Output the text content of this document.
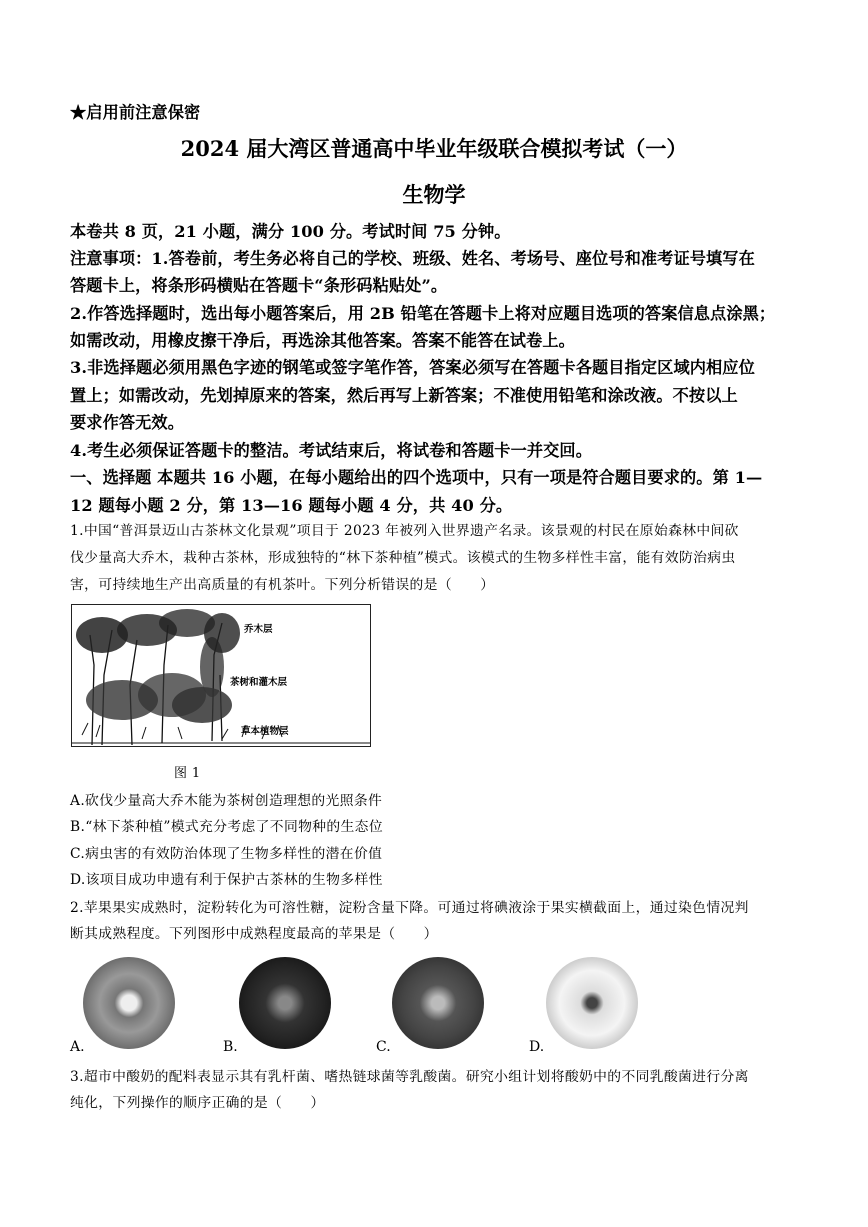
★启用前注意保密
2024 届大湾区普通高中毕业年级联合模拟考试（一）
生物学
本卷共 8 页，21 小题，满分 100 分。考试时间 75 分钟。
注意事项：1.答卷前，考生务必将自己的学校、班级、姓名、考场号、座位号和准考证号填写在
答题卡上，将条形码横贴在答题卡“条形码粘贴处”。
2.作答选择题时，选出每小题答案后，用 2B 铅笔在答题卡上将对应题目选项的答案信息点涂黑；
如需改动，用橡皮擦干净后，再选涂其他答案。答案不能答在试卷上。
3.非选择题必须用黑色字迹的钢笔或签字笔作答，答案必须写在答题卡各题目指定区域内相应位
置上；如需改动，先划掉原来的答案，然后再写上新答案；不准使用铅笔和涂改液。不按以上
要求作答无效。
4.考生必须保证答题卡的整洁。考试结束后，将试卷和答题卡一并交回。
一、选择题 本题共 16 小题，在每小题给出的四个选项中，只有一项是符合题目要求的。第 1—
12 题每小题 2 分，第 13—16 题每小题 4 分，共 40 分。
1.中国“普洱景迈山古茶林文化景观”项目于 2023 年被列入世界遗产名录。该景观的村民在原始森林中间砍
伐少量高大乔木，栽种古茶林，形成独特的“林下茶种植”模式。该模式的生物多样性丰富，能有效防治病虫
害，可持续地生产出高质量的有机茶叶。下列分析错误的是（　　）
乔木层
茶树和灌木层
草本植物层
图 1
A.砍伐少量高大乔木能为茶树创造理想的光照条件
B.“林下茶种植”模式充分考虑了不同物种的生态位
C.病虫害的有效防治体现了生物多样性的潜在价值
D.该项目成功申遗有利于保护古茶林的生物多样性
2.苹果果实成熟时，淀粉转化为可溶性糖，淀粉含量下降。可通过将碘液涂于果实横截面上，通过染色情况判
断其成熟程度。下列图形中成熟程度最高的苹果是（　　）
A.	B.	C.	D.
3.超市中酸奶的配料表显示其有乳杆菌、嗜热链球菌等乳酸菌。研究小组计划将酸奶中的不同乳酸菌进行分离
纯化，下列操作的顺序正确的是（　　）
